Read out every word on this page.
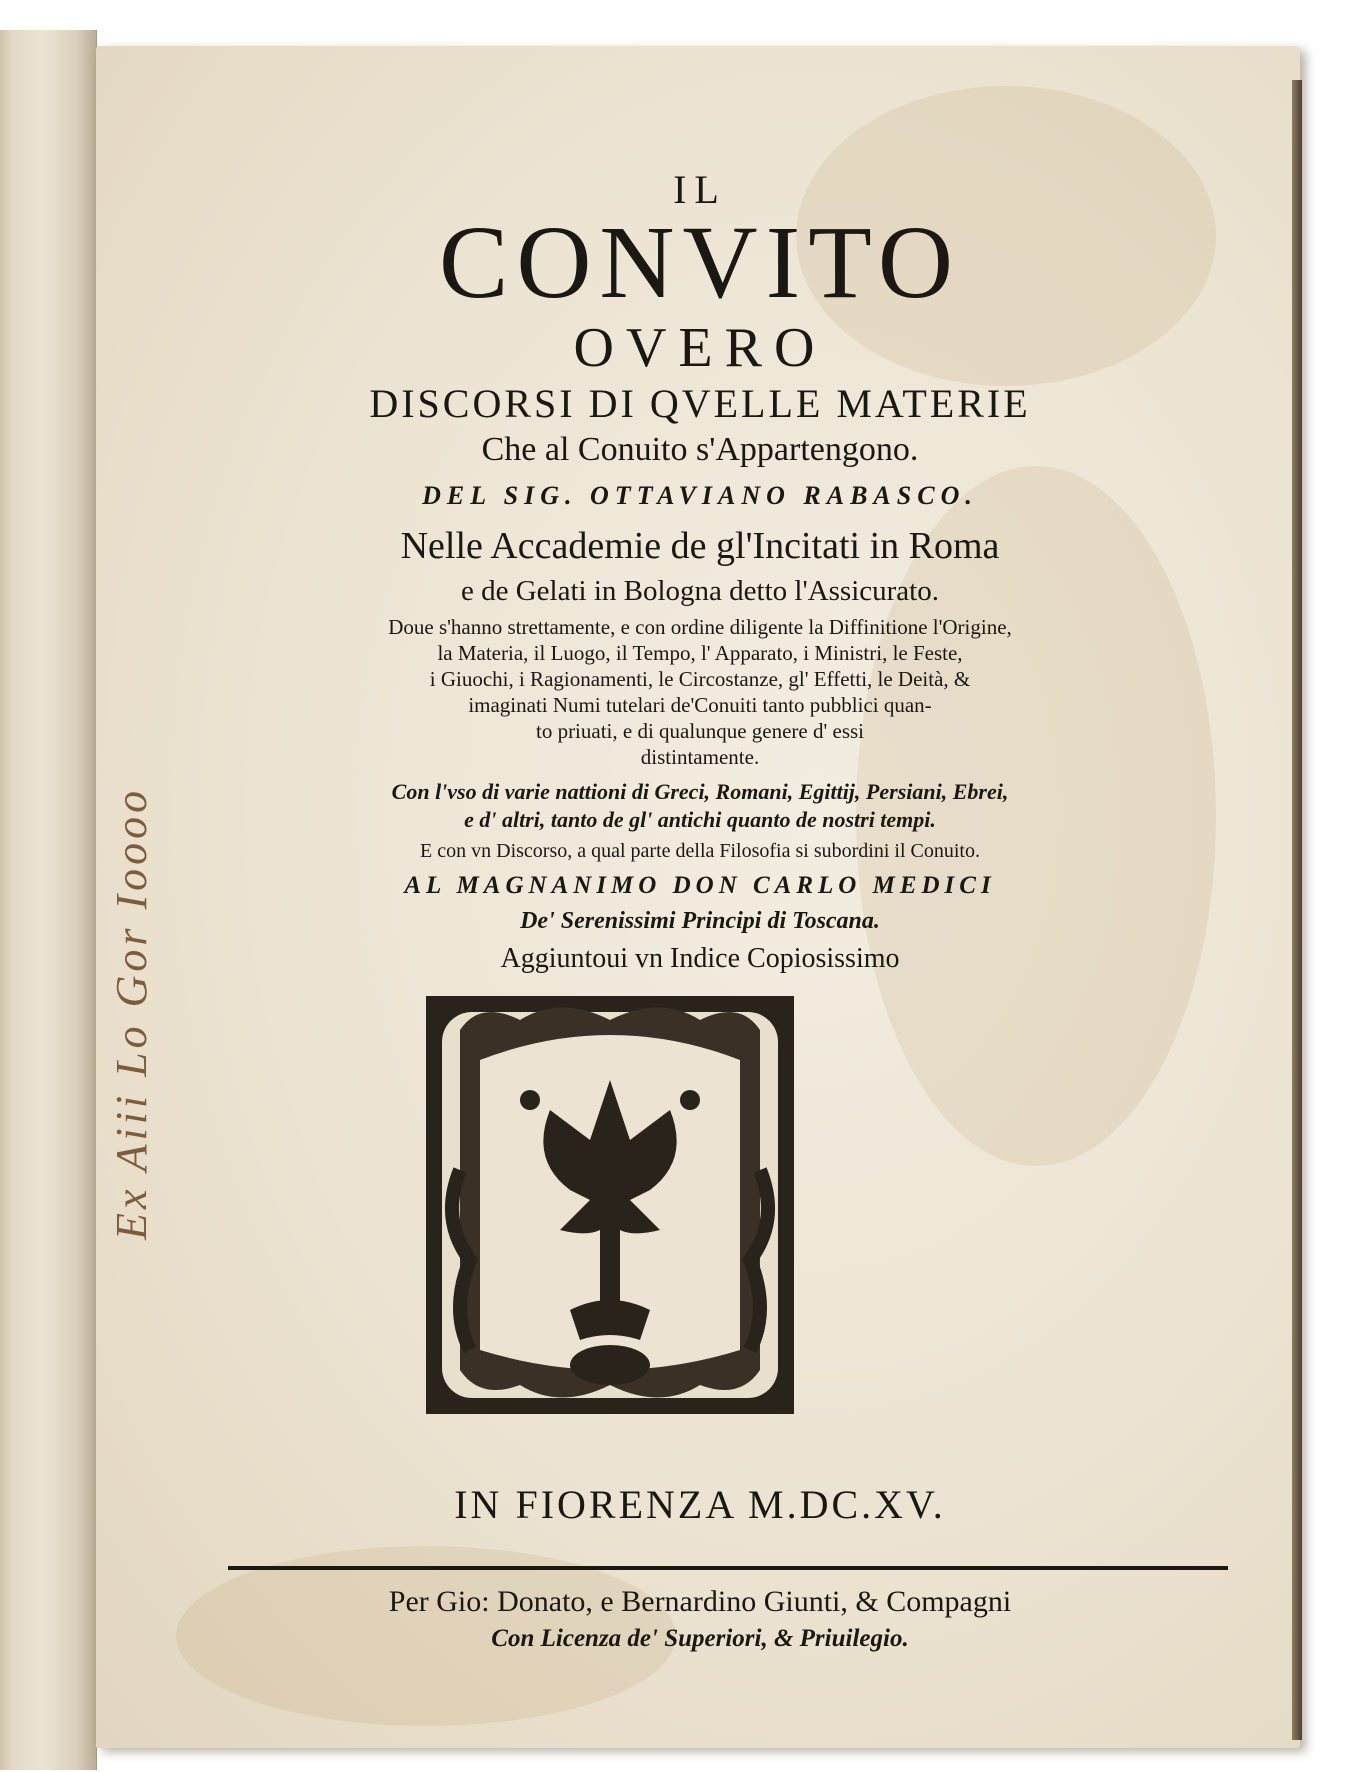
Ex Aiii Lo Gor Ioooo
IL
CONVITO
OVERO
DISCORSI DI QVELLE MATERIE
Che al Conuito s'Appartengono.
DEL SIG. OTTAVIANO RABASCO.
Nelle Accademie de gl'Incitati in Roma
e de Gelati in Bologna detto l'Assicurato.
Doue s'hanno strettamente, e con ordine diligente la Diffinitione l'Origine,
la Materia, il Luogo, il Tempo, l' Apparato, i Ministri, le Feste,
i Giuochi, i Ragionamenti, le Circostanze, gl' Effetti, le Deità, &
imaginati Numi tutelari de'Conuiti tanto pubblici quan-
to priuati, e di qualunque genere d' essi
distintamente.
Con l'vso di varie nattioni di Greci, Romani, Egittij, Persiani, Ebrei,
e d' altri, tanto de gl' antichi quanto de nostri tempi.
E con vn Discorso, a qual parte della Filosofia si subordini il Conuito.
AL MAGNANIMO DON CARLO MEDICI
De' Serenissimi Principi di Toscana.
Aggiuntoui vn Indice Copiosissimo
IN FIORENZA M.DC.XV.
Per Gio: Donato, e Bernardino Giunti, & Compagni
Con Licenza de' Superiori, & Priuilegio.
